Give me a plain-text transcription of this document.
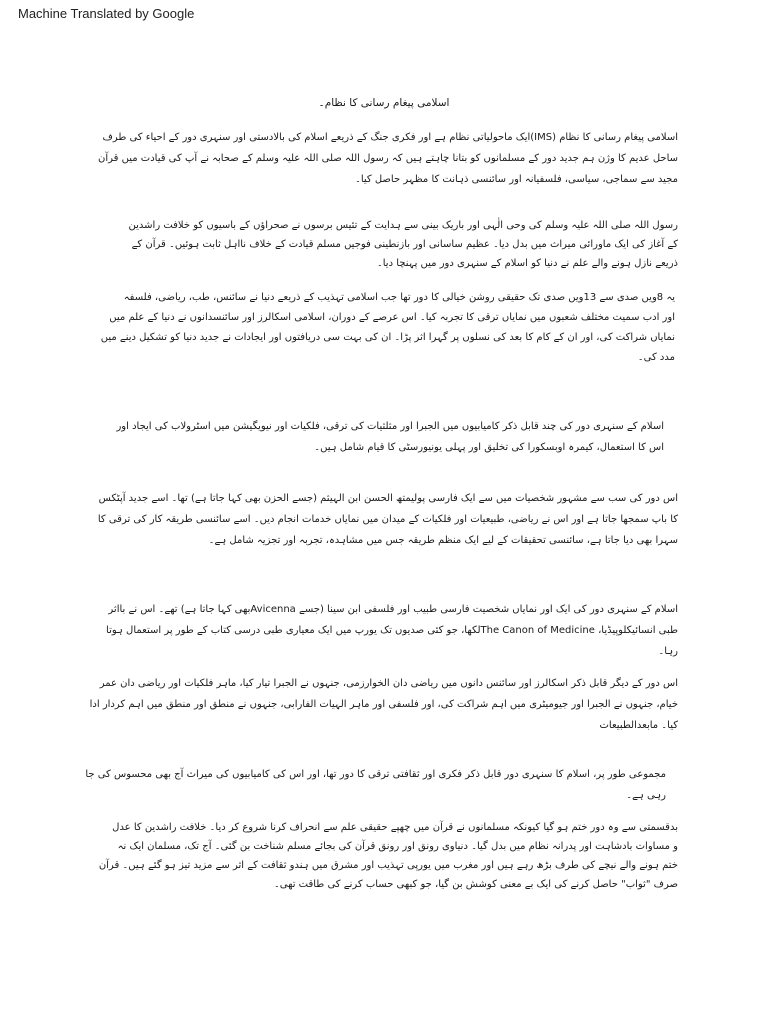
Machine Translated by Google
اسلامی پیغام رسانی کا نظام۔
اسلامی پیغام رسانی کا نظام (IMS)ایک ماحولیاتی نظام ہے اور فکری جنگ کے ذریعے اسلام کی بالادستی اور سنہری دور کے احیاء کی طرف
ساحل عدیم کا وژن ہم جدید دور کے مسلمانوں کو بتانا چاہتے ہیں کہ رسول اللہ صلی اللہ علیہ وسلم کے صحابہ نے آپ کی قیادت میں قرآن
مجید سے سماجی، سیاسی، فلسفیانہ اور سائنسی ذہانت کا مظہر حاصل کیا۔
رسول اللہ صلی اللہ علیہ وسلم کی وحی الٰہی اور باریک بینی سے ہدایت کے تئیس برسوں نے صحراؤں کے باسیوں کو خلافت راشدین
کے آغاز کی ایک ماورائی میراث میں بدل دیا۔ عظیم ساسانی اور بازنطینی فوجیں مسلم قیادت کے خلاف نااہل ثابت ہوئیں۔ قرآن کے
ذریعے نازل ہونے والے علم نے دنیا کو اسلام کے سنہری دور میں پہنچا دیا۔
یہ 8ویں صدی سے 13ویں صدی تک حقیقی روشن خیالی کا دور تھا جب اسلامی تہذیب کے ذریعے دنیا نے سائنس، طب، ریاضی، فلسفہ
اور ادب سمیت مختلف شعبوں میں نمایاں ترقی کا تجربہ کیا۔ اس عرصے کے دوران، اسلامی اسکالرز اور سائنسدانوں نے دنیا کے علم میں
نمایاں شراکت کی، اور ان کے کام کا بعد کی نسلوں پر گہرا اثر پڑا۔ ان کی بہت سی دریافتوں اور ایجادات نے جدید دنیا کو تشکیل دینے میں
مدد کی۔
اسلام کے سنہری دور کی چند قابل ذکر کامیابیوں میں الجبرا اور مثلثیات کی ترقی، فلکیات اور نیویگیشن میں اسٹرولاب کی ایجاد اور
اس کا استعمال، کیمرہ اوبسکورا کی تخلیق اور پہلی یونیورسٹی کا قیام شامل ہیں۔
اس دور کی سب سے مشہور شخصیات میں سے ایک فارسی پولیمتھ الحسن ابن الہیثم (جسے الحزن بھی کہا جاتا ہے) تھا۔ اسے جدید آپٹکس
کا باپ سمجھا جاتا ہے اور اس نے ریاضی، طبیعیات اور فلکیات کے میدان میں نمایاں خدمات انجام دیں۔ اسے سائنسی طریقہ کار کی ترقی کا
سہرا بھی دیا جاتا ہے، سائنسی تحقیقات کے لیے ایک منظم طریقہ جس میں مشاہدہ، تجربہ اور تجزیہ شامل ہے۔
اسلام کے سنہری دور کی ایک اور نمایاں شخصیت فارسی طبیب اور فلسفی ابن سینا (جسے Avicennaبھی کہا جاتا ہے) تھے۔ اس نے بااثر
طبی انسائیکلوپیڈیا، The Canon of Medicineلکھا، جو کئی صدیوں تک یورپ میں ایک معیاری طبی درسی کتاب کے طور پر استعمال ہوتا
رہا۔
اس دور کے دیگر قابل ذکر اسکالرز اور سائنس دانوں میں ریاضی دان الخوارزمی، جنہوں نے الجبرا تیار کیا، ماہر فلکیات اور ریاضی دان عمر
خیام، جنہوں نے الجبرا اور جیومیٹری میں اہم شراکت کی، اور فلسفی اور ماہر الہیات الفارابی، جنہوں نے منطق اور منطق میں اہم کردار ادا
کیا۔ مابعدالطبیعات
مجموعی طور پر، اسلام کا سنہری دور قابل ذکر فکری اور ثقافتی ترقی کا دور تھا، اور اس کی کامیابیوں کی میراث آج بھی محسوس کی جا
رہی ہے۔
بدقسمتی سے وہ دور ختم ہو گیا کیونکہ مسلمانوں نے قرآن میں چھپے حقیقی علم سے انحراف کرنا شروع کر دیا۔ خلافت راشدین کا عدل
و مساوات بادشاہت اور پدرانہ نظام میں بدل گیا۔ دنیاوی رونق اور رونق قرآن کی بجائے مسلم شناخت بن گئی۔ آج تک، مسلمان ایک نہ
ختم ہونے والے نیچے کی طرف بڑھ رہے ہیں اور مغرب میں یورپی تہذیب اور مشرق میں ہندو ثقافت کے اثر سے مزید تیز ہو گئے ہیں۔ قرآن
صرف "ثواب" حاصل کرنے کی ایک بے معنی کوشش بن گیا، جو کبھی حساب کرنے کی طاقت تھی۔
